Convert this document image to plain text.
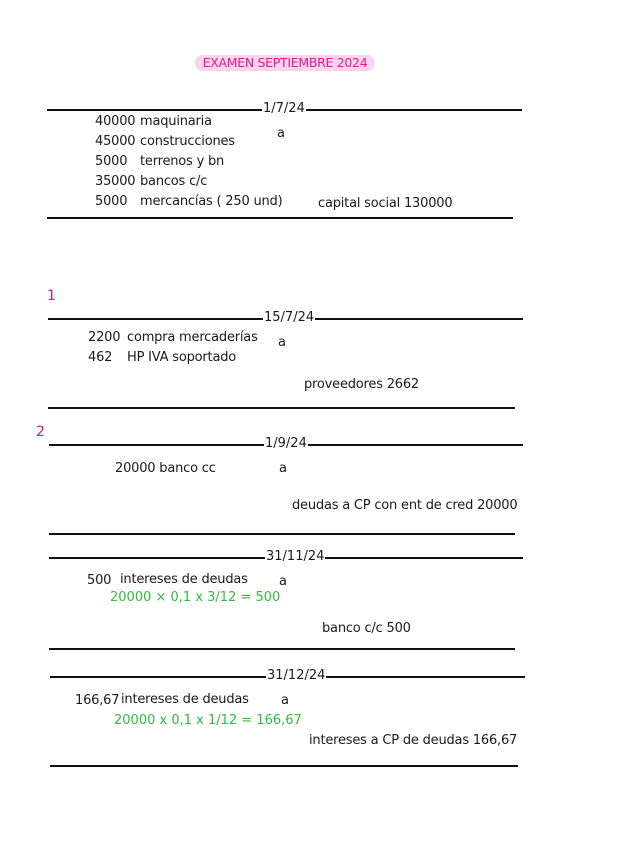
EXAMEN SEPTIEMBRE 2024
1/7/24
a
40000 maquinaria
45000 construcciones
5000 terrenos y bn
35000 bancos c/c
5000 mercancías ( 250 und)	capital social 130000
1
15/7/24
a
2200 compra mercaderías
462 HP IVA soportado
proveedores 2662
2
1/9/24
a
20000 banco cc
deudas a CP con ent de cred 20000
31/11/24
a
500 intereses de deudas
20000 × 0,1 x 3/12 = 500
banco c/c 500
31/12/24
a
166,67 intereses de deudas
20000 x 0,1 x 1/12 = 166,67
intereses a CP de deudas 166,67
